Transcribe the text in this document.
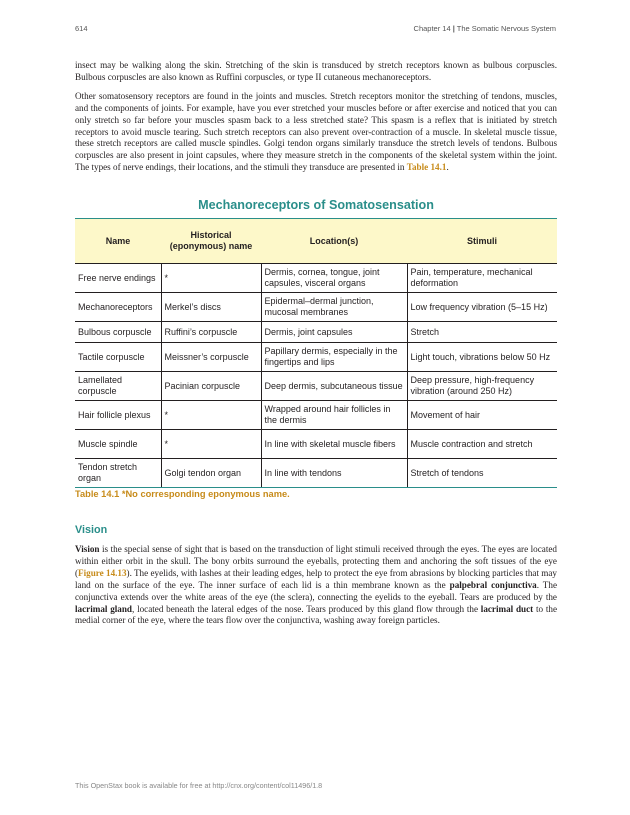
614	Chapter 14 | The Somatic Nervous System

insect may be walking along the skin. Stretching of the skin is transduced by stretch receptors known as bulbous corpuscles. Bulbous corpuscles are also known as Ruffini corpuscles, or type II cutaneous mechanoreceptors.

Other somatosensory receptors are found in the joints and muscles. Stretch receptors monitor the stretching of tendons, muscles, and the components of joints. For example, have you ever stretched your muscles before or after exercise and noticed that you can only stretch so far before your muscles spasm back to a less stretched state? This spasm is a reflex that is initiated by stretch receptors to avoid muscle tearing. Such stretch receptors can also prevent over-contraction of a muscle. In skeletal muscle tissue, these stretch receptors are called muscle spindles. Golgi tendon organs similarly transduce the stretch levels of tendons. Bulbous corpuscles are also present in joint capsules, where they measure stretch in the components of the skeletal system within the joint. The types of nerve endings, their locations, and the stimuli they transduce are presented in Table 14.1.

Mechanoreceptors of Somatosensation
Name	Historical (eponymous) name	Location(s)	Stimuli
Free nerve endings	*	Dermis, cornea, tongue, joint capsules, visceral organs	Pain, temperature, mechanical deformation
Mechanoreceptors	Merkel’s discs	Epidermal–dermal junction, mucosal membranes	Low frequency vibration (5–15 Hz)
Bulbous corpuscle	Ruffini’s corpuscle	Dermis, joint capsules	Stretch
Tactile corpuscle	Meissner’s corpuscle	Papillary dermis, especially in the fingertips and lips	Light touch, vibrations below 50 Hz
Lamellated corpuscle	Pacinian corpuscle	Deep dermis, subcutaneous tissue	Deep pressure, high-frequency vibration (around 250 Hz)
Hair follicle plexus	*	Wrapped around hair follicles in the dermis	Movement of hair
Muscle spindle	*	In line with skeletal muscle fibers	Muscle contraction and stretch
Tendon stretch organ	Golgi tendon organ	In line with tendons	Stretch of tendons
Table 14.1 *No corresponding eponymous name.
Vision

Vision is the special sense of sight that is based on the transduction of light stimuli received through the eyes. The eyes are located within either orbit in the skull. The bony orbits surround the eyeballs, protecting them and anchoring the soft tissues of the eye (Figure 14.13). The eyelids, with lashes at their leading edges, help to protect the eye from abrasions by blocking particles that may land on the surface of the eye. The inner surface of each lid is a thin membrane known as the palpebral conjunctiva. The conjunctiva extends over the white areas of the eye (the sclera), connecting the eyelids to the eyeball. Tears are produced by the lacrimal gland, located beneath the lateral edges of the nose. Tears produced by this gland flow through the lacrimal duct to the medial corner of the eye, where the tears flow over the conjunctiva, washing away foreign particles.

This OpenStax book is available for free at http://cnx.org/content/col11496/1.8
